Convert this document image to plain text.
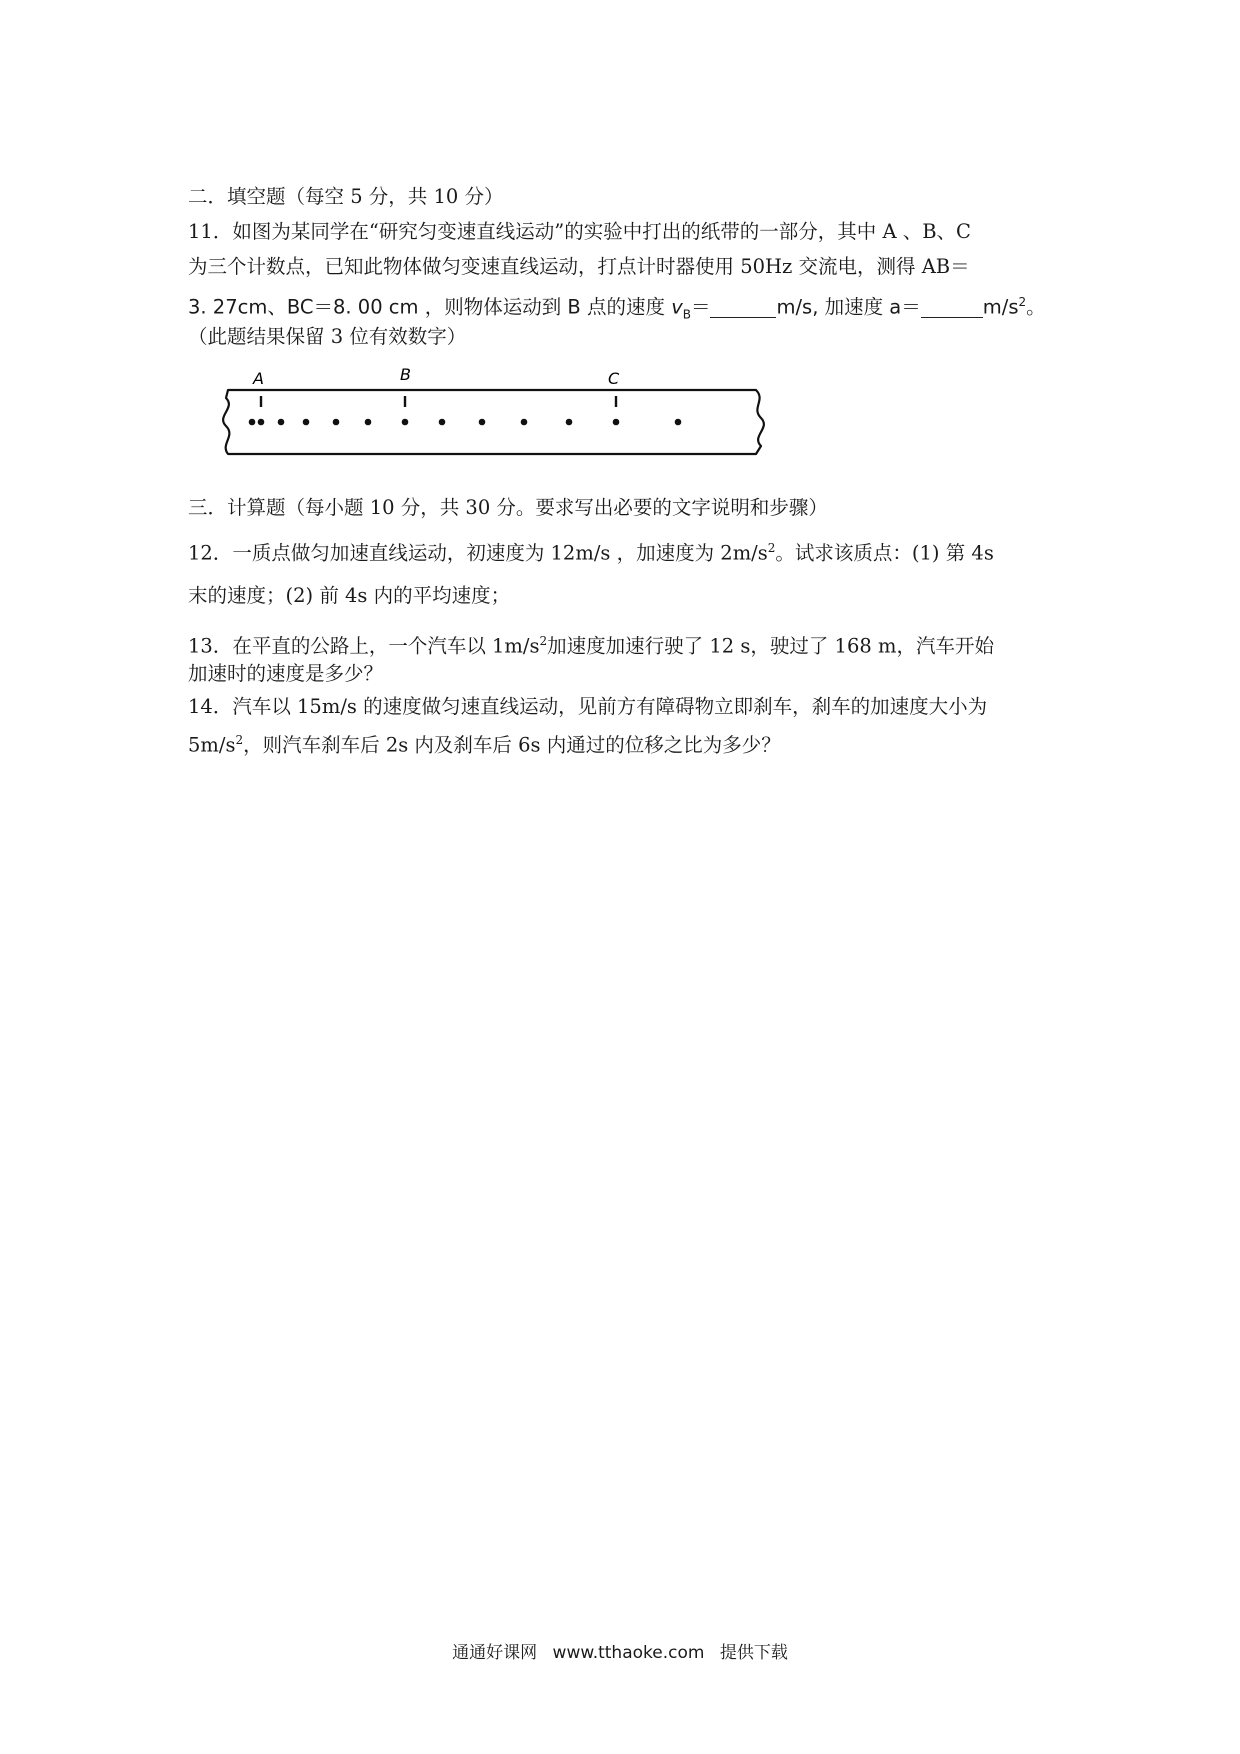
二．填空题（每空 5 分，共 10 分）
11．如图为某同学在“研究匀变速直线运动”的实验中打出的纸带的一部分，其中 A 、B、C
为三个计数点，已知此物体做匀变速直线运动，打点计时器使用 50Hz 交流电，测得 AB＝
3. 27cm、BC＝8. 00 cm ，则物体运动到 B 点的速度 $v_B=$	m/s, 加速度 a＝	$m/s^2$。
（此题结果保留 3 位有效数字）
A	B	C
三．计算题（每小题 10 分，共 30 分。要求写出必要的文字说明和步骤）
12．一质点做匀加速直线运动，初速度为 12m/s ，加速度为 $2m/s^2$。试求该质点：(1) 第 4s
末的速度；(2) 前 4s 内的平均速度；
13．在平直的公路上，一个汽车以 $1m/s^2$加速度加速行驶了 12 s，驶过了 168 m，汽车开始
加速时的速度是多少？
14．汽车以 15m/s 的速度做匀速直线运动，见前方有障碍物立即刹车，刹车的加速度大小为
$5m/s^2$，则汽车刹车后 2s 内及刹车后 6s 内通过的位移之比为多少？
通通好课网 www.tthaoke.com 提供下载
